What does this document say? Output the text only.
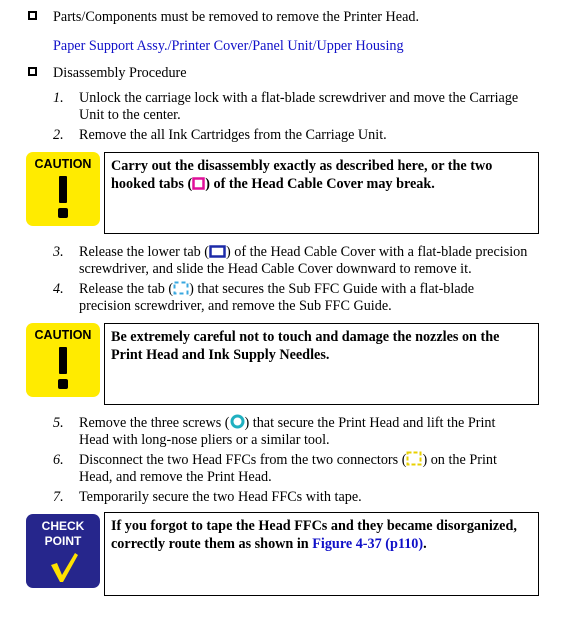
Parts/Components must be removed to remove the Printer Head.
Paper Support Assy./Printer Cover/Panel Unit/Upper Housing
Disassembly Procedure
1. Unlock the carriage lock with a flat-blade screwdriver and move the Carriage
Unit to the center.
2. Remove the all Ink Cartridges from the Carriage Unit.
CAUTION	Carry out the disassembly exactly as described here, or the two
hooked tabs ( ) of the Head Cable Cover may break.
3. Release the lower tab ( ) of the Head Cable Cover with a flat-blade precision
screwdriver, and slide the Head Cable Cover downward to remove it.
4. Release the tab ( ) that secures the Sub FFC Guide with a flat-blade
precision screwdriver, and remove the Sub FFC Guide.
CAUTION	Be extremely careful not to touch and damage the nozzles on the
Print Head and Ink Supply Needles.
5. Remove the three screws ( ) that secure the Print Head and lift the Print
Head with long-nose pliers or a similar tool.
6. Disconnect the two Head FFCs from the two connectors ( ) on the Print
Head, and remove the Print Head.
7. Temporarily secure the two Head FFCs with tape.
CHECK
POINT
If you forgot to tape the Head FFCs and they became disorganized,
correctly route them as shown in Figure 4-37 (p110).
